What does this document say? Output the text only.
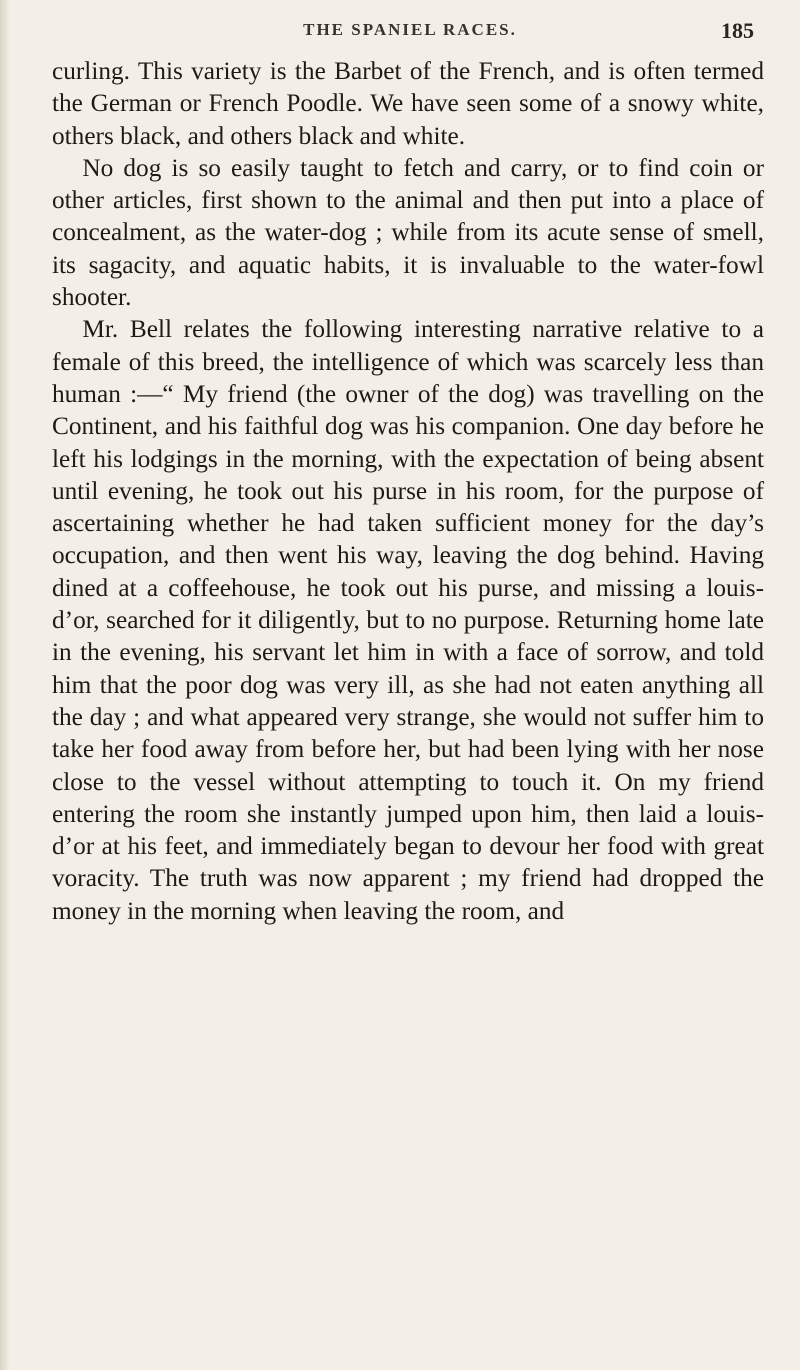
THE SPANIEL RACES.	185

curling. This variety is the Barbet of the French, and is often termed the German or French Poodle. We have seen some of a snowy white, others black, and others black and white.

No dog is so easily taught to fetch and carry, or to find coin or other articles, first shown to the animal and then put into a place of concealment, as the water-dog ; while from its acute sense of smell, its sagacity, and aquatic habits, it is invaluable to the water-fowl shooter.

Mr. Bell relates the following interesting narrative relative to a female of this breed, the intelligence of which was scarcely less than human :—“ My friend (the owner of the dog) was travelling on the Continent, and his faithful dog was his companion. One day before he left his lodgings in the morning, with the expectation of being absent until evening, he took out his purse in his room, for the purpose of ascertaining whether he had taken sufficient money for the day’s occupation, and then went his way, leaving the dog behind. Having dined at a coffeehouse, he took out his purse, and missing a louis-d’or, searched for it diligently, but to no purpose. Returning home late in the evening, his servant let him in with a face of sorrow, and told him that the poor dog was very ill, as she had not eaten anything all the day ; and what appeared very strange, she would not suffer him to take her food away from before her, but had been lying with her nose close to the vessel without attempting to touch it. On my friend entering the room she instantly jumped upon him, then laid a louis-d’or at his feet, and immediately began to devour her food with great voracity. The truth was now apparent ; my friend had dropped the money in the morning when leaving the room, and
